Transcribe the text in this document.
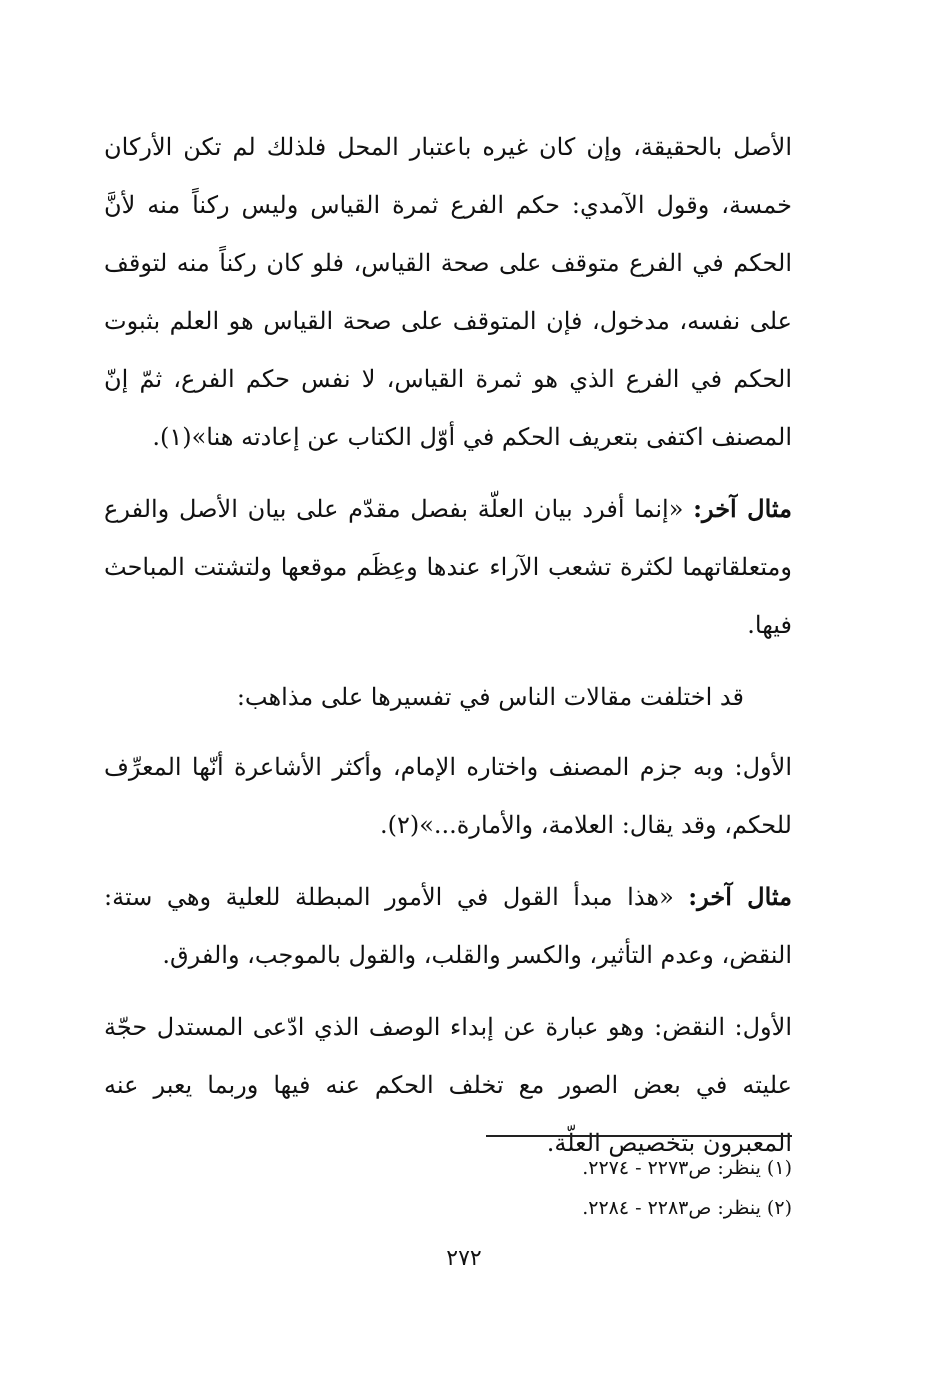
الأصل بالحقيقة، وإن كان غيره باعتبار المحل فلذلك لم تكن الأركان خمسة، وقول الآمدي: حكم الفرع ثمرة القياس وليس ركناً منه لأنَّ الحكم في الفرع متوقف على صحة القياس، فلو كان ركناً منه لتوقف على نفسه، مدخول، فإن المتوقف على صحة القياس هو العلم بثبوت الحكم في الفرع الذي هو ثمرة القياس، لا نفس حكم الفرع، ثمّ إنّ المصنف اكتفى بتعريف الحكم في أوّل الكتاب عن إعادته هنا»(١).

مثال آخر: «إنما أفرد بيان العلّة بفصل مقدّم على بيان الأصل والفرع ومتعلقاتهما لكثرة تشعب الآراء عندها وعِظَم موقعها ولتشتت المباحث فيها.

قد اختلفت مقالات الناس في تفسيرها على مذاهب:

الأول: وبه جزم المصنف واختاره الإمام، وأكثر الأشاعرة أنّها المعرِّف للحكم، وقد يقال: العلامة، والأمارة...»(٢).

مثال آخر: «هذا مبدأ القول في الأمور المبطلة للعلية وهي ستة: النقض، وعدم التأثير، والكسر والقلب، والقول بالموجب، والفرق.

الأول: النقض: وهو عبارة عن إبداء الوصف الذي ادّعى المستدل حجّة عليته في بعض الصور مع تخلف الحكم عنه فيها وربما يعبر عنه المعبرون بتخصيص العلّة.

(١) ينظر: ص٢٢٧٣ - ٢٢٧٤.

(٢) ينظر: ص٢٢٨٣ - ٢٢٨٤.

٢٧٢
